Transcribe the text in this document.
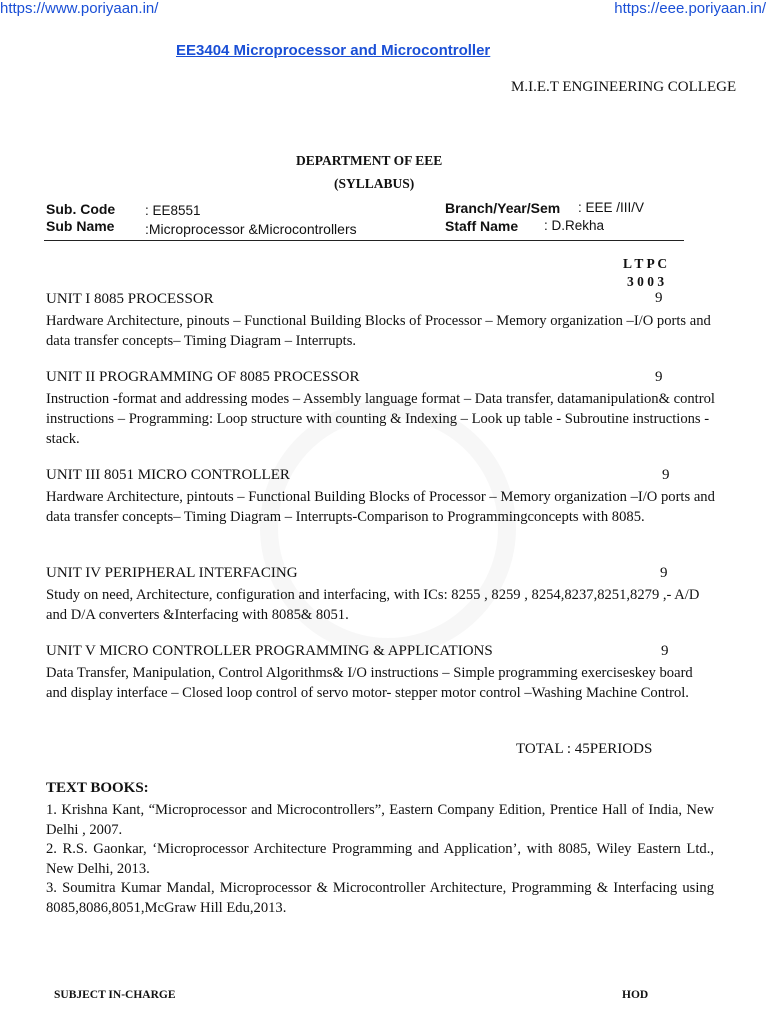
https://www.poriyaan.in/	https://eee.poriyaan.in/
EE3404 Microprocessor and Microcontroller
M.I.E.T ENGINEERING COLLEGE
DEPARTMENT OF EEE
(SYLLABUS)
Sub. Code : EE8551
Sub Name :Microprocessor &Microcontrollers
Branch/Year/Sem : EEE /III/V
Staff Name : D.Rekha
L T P C
3 0 0 3
UNIT I 8085 PROCESSOR	9
Hardware Architecture, pinouts – Functional Building Blocks of Processor – Memory organization –I/O ports and data transfer concepts– Timing Diagram – Interrupts.
UNIT II PROGRAMMING OF 8085 PROCESSOR	9
Instruction -format and addressing modes – Assembly language format – Data transfer, datamanipulation& control instructions – Programming: Loop structure with counting & Indexing – Look up table - Subroutine instructions - stack.
UNIT III 8051 MICRO CONTROLLER	9
Hardware Architecture, pintouts – Functional Building Blocks of Processor – Memory organization –I/O ports and data transfer concepts– Timing Diagram – Interrupts-Comparison to Programmingconcepts with 8085.
UNIT IV PERIPHERAL INTERFACING	9
Study on need, Architecture, configuration and interfacing, with ICs: 8255 , 8259 , 8254,8237,8251,8279 ,- A/D and D/A converters &Interfacing with 8085& 8051.
UNIT V MICRO CONTROLLER PROGRAMMING & APPLICATIONS	9
Data Transfer, Manipulation, Control Algorithms& I/O instructions – Simple programming exerciseskey board and display interface – Closed loop control of servo motor- stepper motor control –Washing Machine Control.
TOTAL : 45PERIODS
TEXT BOOKS:
1. Krishna Kant, “Microprocessor and Microcontrollers”, Eastern Company Edition, Prentice Hall of India, New Delhi , 2007.
2. R.S. Gaonkar, ‘Microprocessor Architecture Programming and Application’, with 8085, Wiley Eastern Ltd., New Delhi, 2013.
3. Soumitra Kumar Mandal, Microprocessor & Microcontroller Architecture, Programming & Interfacing using 8085,8086,8051,McGraw Hill Edu,2013.
SUBJECT IN-CHARGE	HOD
